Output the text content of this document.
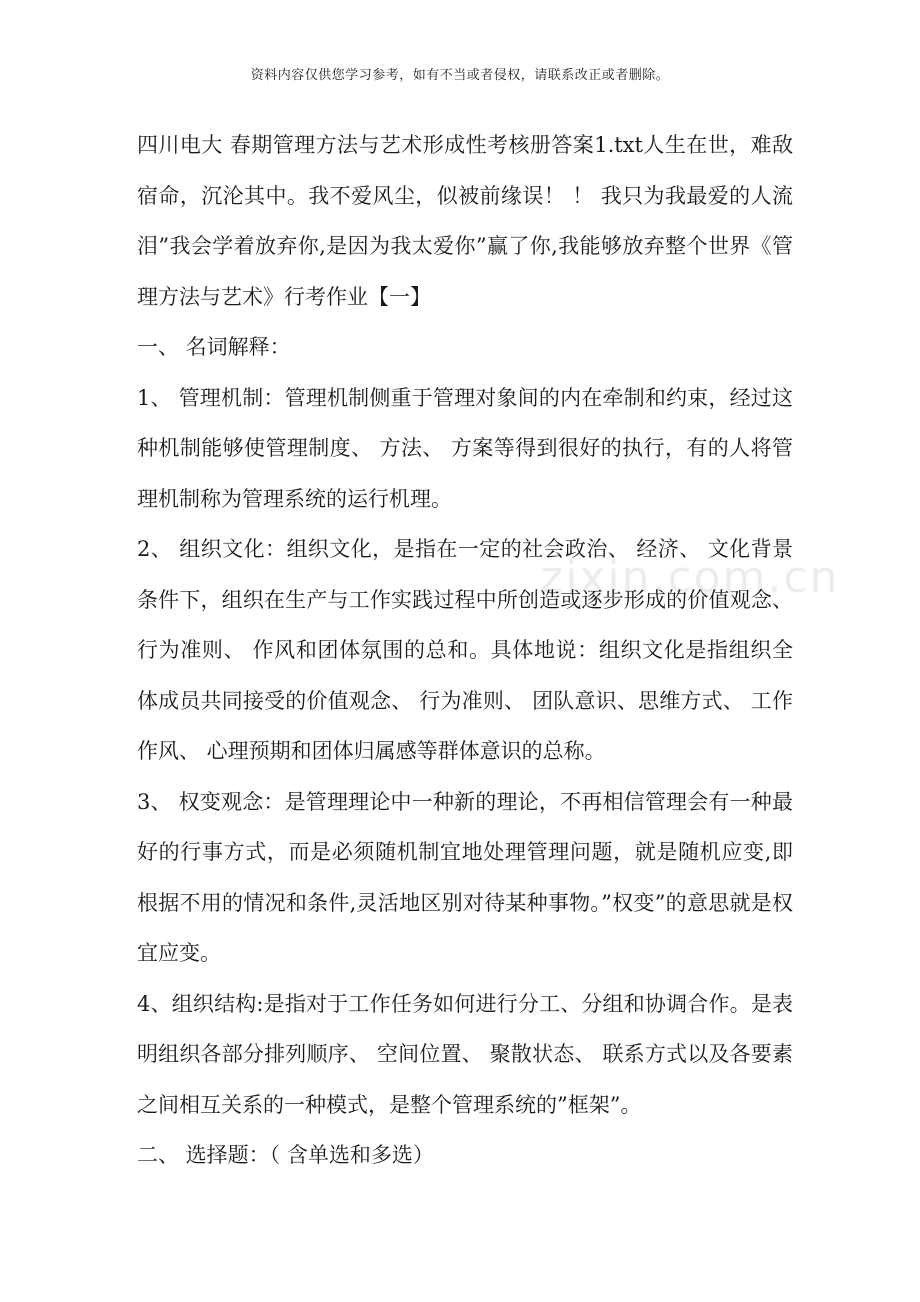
资料内容仅供您学习参考，如有不当或者侵权，请联系改正或者删除。
zixin.com.cn

四川电大 春期管理方法与艺术形成性考核册答案1.txt人生在世，难敌宿命，沉沦其中。我不爱风尘，似被前缘误！ ！ 我只为我最爱的人流泪”我会学着放弃你,是因为我太爱你”赢了你,我能够放弃整个世界《管理方法与艺术》行考作业【一】

一、 名词解释：

1、 管理机制：管理机制侧重于管理对象间的内在牵制和约束，经过这种机制能够使管理制度、 方法、 方案等得到很好的执行，有的人将管理机制称为管理系统的运行机理。

2、 组织文化：组织文化，是指在一定的社会政治、 经济、 文化背景条件下，组织在生产与工作实践过程中所创造或逐步形成的价值观念、 行为准则、 作风和团体氛围的总和。具体地说：组织文化是指组织全体成员共同接受的价值观念、 行为准则、 团队意识、思维方式、 工作作风、 心理预期和团体归属感等群体意识的总称。

3、 权变观念：是管理理论中一种新的理论，不再相信管理会有一种最好的行事方式，而是必须随机制宜地处理管理问题，就是随机应变,即根据不用的情况和条件,灵活地区别对待某种事物。”权变”的意思就是权宜应变。

4、组织结构:是指对于工作任务如何进行分工、分组和协调合作。是表明组织各部分排列顺序、 空间位置、 聚散状态、 联系方式以及各要素之间相互关系的一种模式，是整个管理系统的”框架”。

二、 选择题：（ 含单选和多选）
